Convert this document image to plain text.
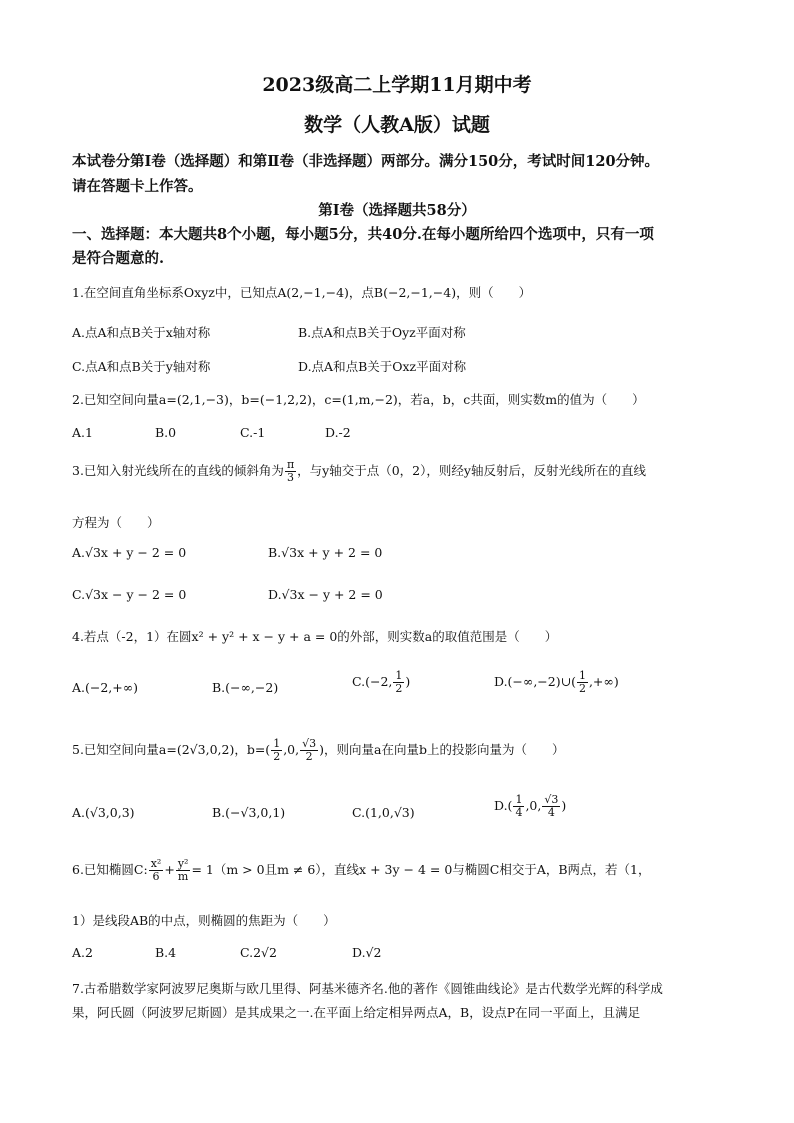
2023级高二上学期11月期中考
数学（人教A版）试题
本试卷分第Ⅰ卷（选择题）和第Ⅱ卷（非选择题）两部分。满分150分，考试时间120分钟。
请在答题卡上作答。
第Ⅰ卷（选择题共58分）
一、选择题：本大题共8个小题，每小题5分，共40分.在每小题所给四个选项中，只有一项
是符合题意的.
1.在空间直角坐标系Oxyz中，已知点A(2,−1,−4)，点B(−2,−1,−4)，则（　　）
A.点A和点B关于x轴对称	B.点A和点B关于Oyz平面对称
C.点A和点B关于y轴对称	D.点A和点B关于Oxz平面对称
2.已知空间向量a=(2,1,−3)，b=(−1,2,2)，c=(1,m,−2)，若a，b，c共面，则实数m的值为（　　）
A.1	B.0	C.-1	D.-2
3.已知入射光线所在的直线的倾斜角为 $\frac{\pi}{3}$ ，与y轴交于点（0，2），则经y轴反射后，反射光线所在的直线
方程为（　　）
A.√3x + y − 2 = 0	B.√3x + y + 2 = 0
C.√3x − y − 2 = 0	D.√3x − y + 2 = 0
4.若点（-2，1）在圆x² + y² + x − y + a = 0的外部，则实数a的取值范围是（　　）
A.(−2,+∞)	B.(−∞,−2)	C.(−2, $\frac{1}{2}$ )	D.(−∞,−2)∪( $\frac{1}{2}$ ,+∞)
5.已知空间向量a=(2√3,0,2)，$b=( \frac{1}{2} ,0$, $\frac{√3}{2}$ )，则向量a在向量b上的投影向量为（　　）
A.(√3,0,3)	B.(−√3,0,1)	C.(1,0,√3)	$D.( \frac{1}{4} ,0$, $\frac{√3}{4}$ )
6.已知椭圆C: $\frac{\text{x²}}{6} + \frac{\text{y²}}{m} = 1(m > 0$且m ≠ 6），直线x + 3y − 4 = 0与椭圆C相交于A，B两点，若（1，
1）是线段AB的中点，则椭圆的焦距为（　　）
A.2	B.4	C.2√2	D.√2
7.古希腊数学家阿波罗尼奥斯与欧几里得、阿基米德齐名.他的著作《圆锥曲线论》是古代数学光辉的科学成
果，阿氏圆（阿波罗尼斯圆）是其成果之一.在平面上给定相异两点A，B，设点P在同一平面上，且满足
